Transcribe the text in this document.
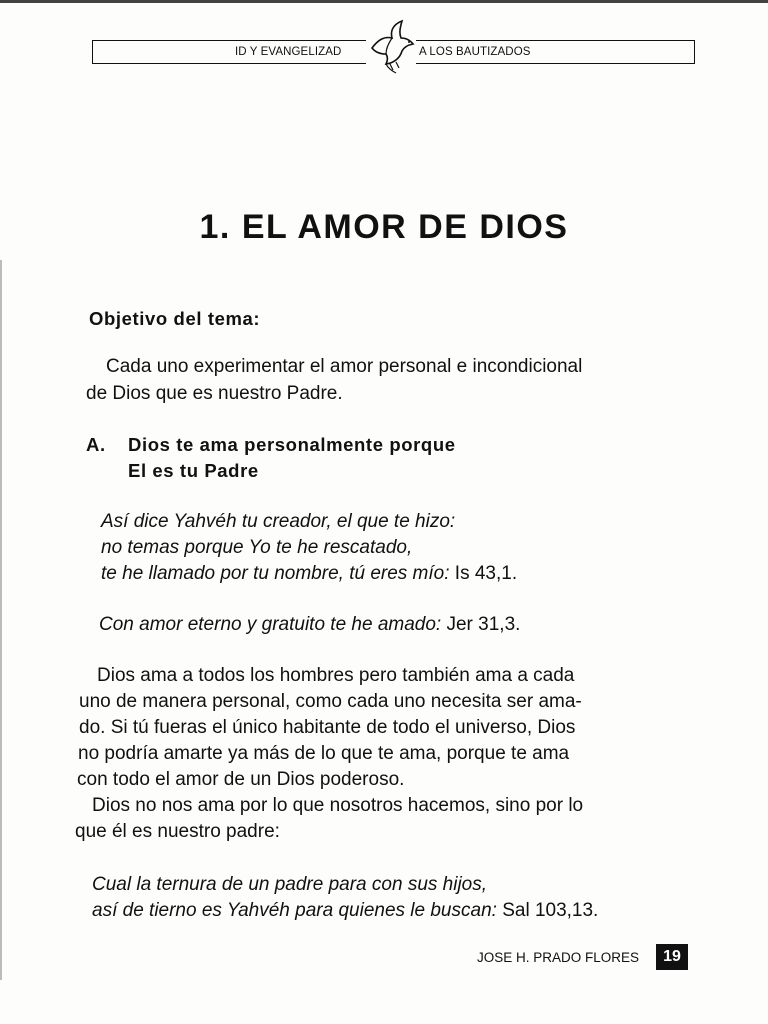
ID Y EVANGELIZAD	A LOS BAUTIZADOS
1. EL AMOR DE DIOS
Objetivo del tema:
Cada uno experimentar el amor personal e incondicional
de Dios que es nuestro Padre.
A. Dios te ama personalmente porque
El es tu Padre
Así dice Yahvéh tu creador, el que te hizo:
no temas porque Yo te he rescatado,
te he llamado por tu nombre, tú eres mío: Is 43,1.
Con amor eterno y gratuito te he amado: Jer 31,3.
Dios ama a todos los hombres pero también ama a cada
uno de manera personal, como cada uno necesita ser ama-
do. Si tú fueras el único habitante de todo el universo, Dios
no podría amarte ya más de lo que te ama, porque te ama
con todo el amor de un Dios poderoso.
Dios no nos ama por lo que nosotros hacemos, sino por lo
que él es nuestro padre:
Cual la ternura de un padre para con sus hijos,
así de tierno es Yahvéh para quienes le buscan: Sal 103,13.
JOSE H. PRADO FLORES	19
